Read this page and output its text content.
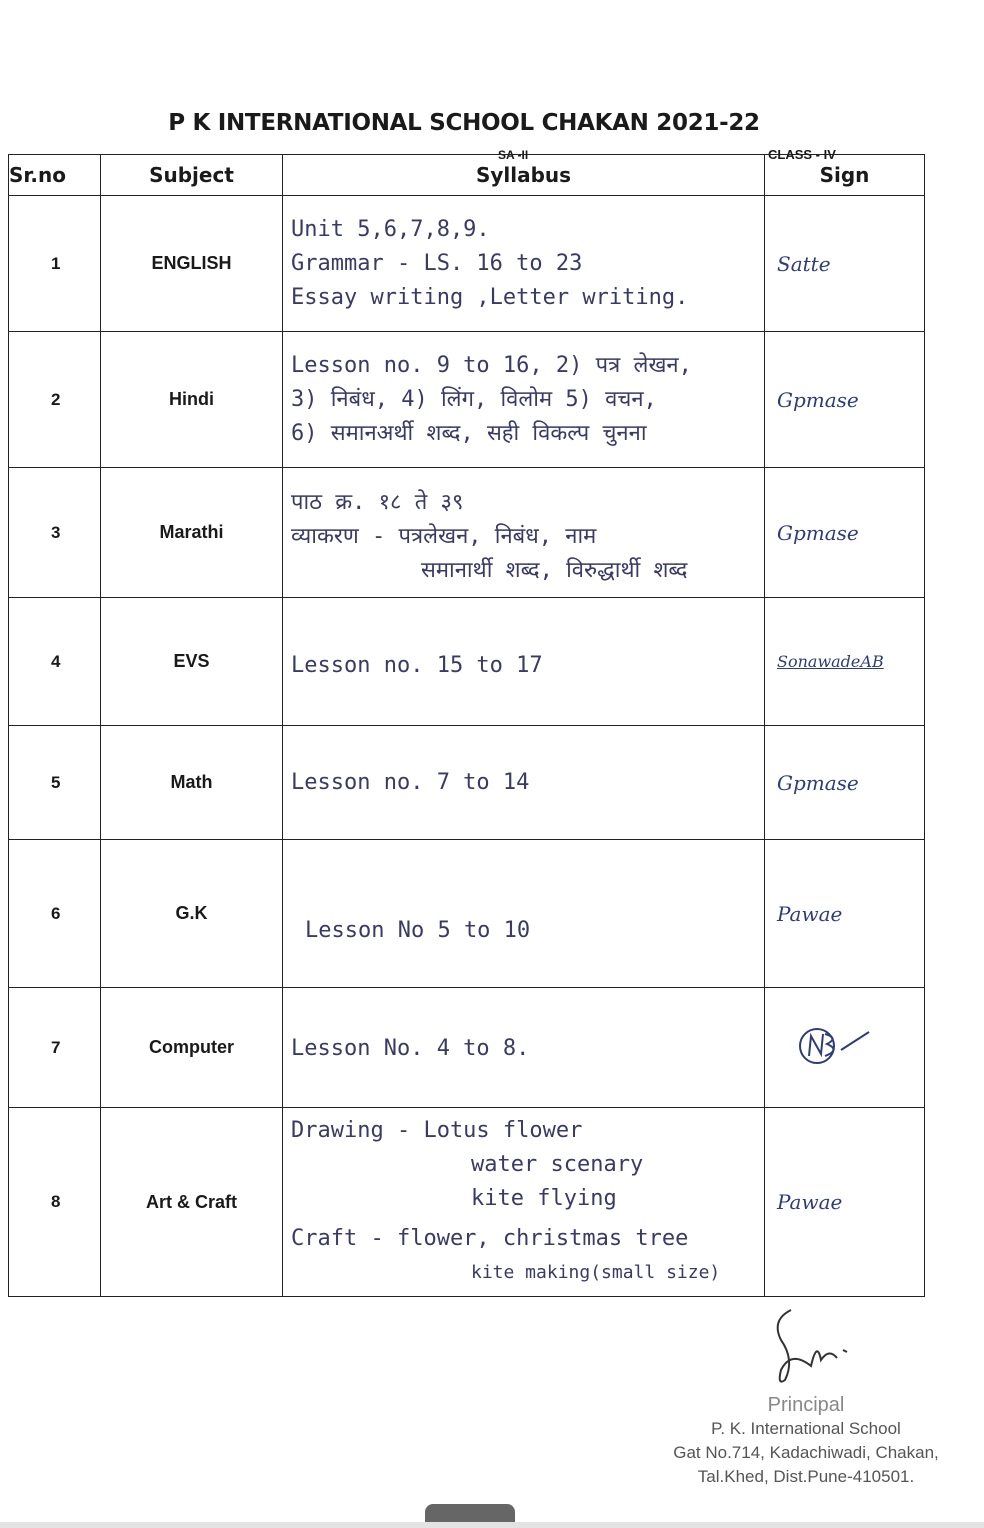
P K INTERNATIONAL SCHOOL CHAKAN 2021-22
SA -II	CLASS - IV
Sr.no	Subject	Syllabus	Sign
1	ENGLISH	Unit 5,6,7,8,9.
Grammar - LS. 16 to 23
Essay writing ,Letter writing.	Satte
2	Hindi	Lesson no. 9 to 16, 2) पत्र लेखन,
3) निबंध, 4) लिंग, विलोम 5) वचन,
6) समानअर्थी शब्द, सही विकल्प चुनना	Gpmase
3	Marathi	पाठ क्र. १८ ते ३९
व्याकरण - पत्रलेखन, निबंध, नाम
समानार्थी शब्द, विरुद्धार्थी शब्द	Gpmase
4	EVS	Lesson no. 15 to 17	SonawadeAB
5	Math	Lesson no. 7 to 14	Gpmase
6	G.K	Lesson No 5 to 10	Pawae
7	Computer	Lesson No. 4 to 8.

8	Art & Craft	Drawing - Lotus flower
water scenary
kite flying
Craft - flower, christmas tree
kite making(small size)	Pawae
Principal
P. K. International School
Gat No.714, Kadachiwadi, Chakan,
Tal.Khed, Dist.Pune-410501.
